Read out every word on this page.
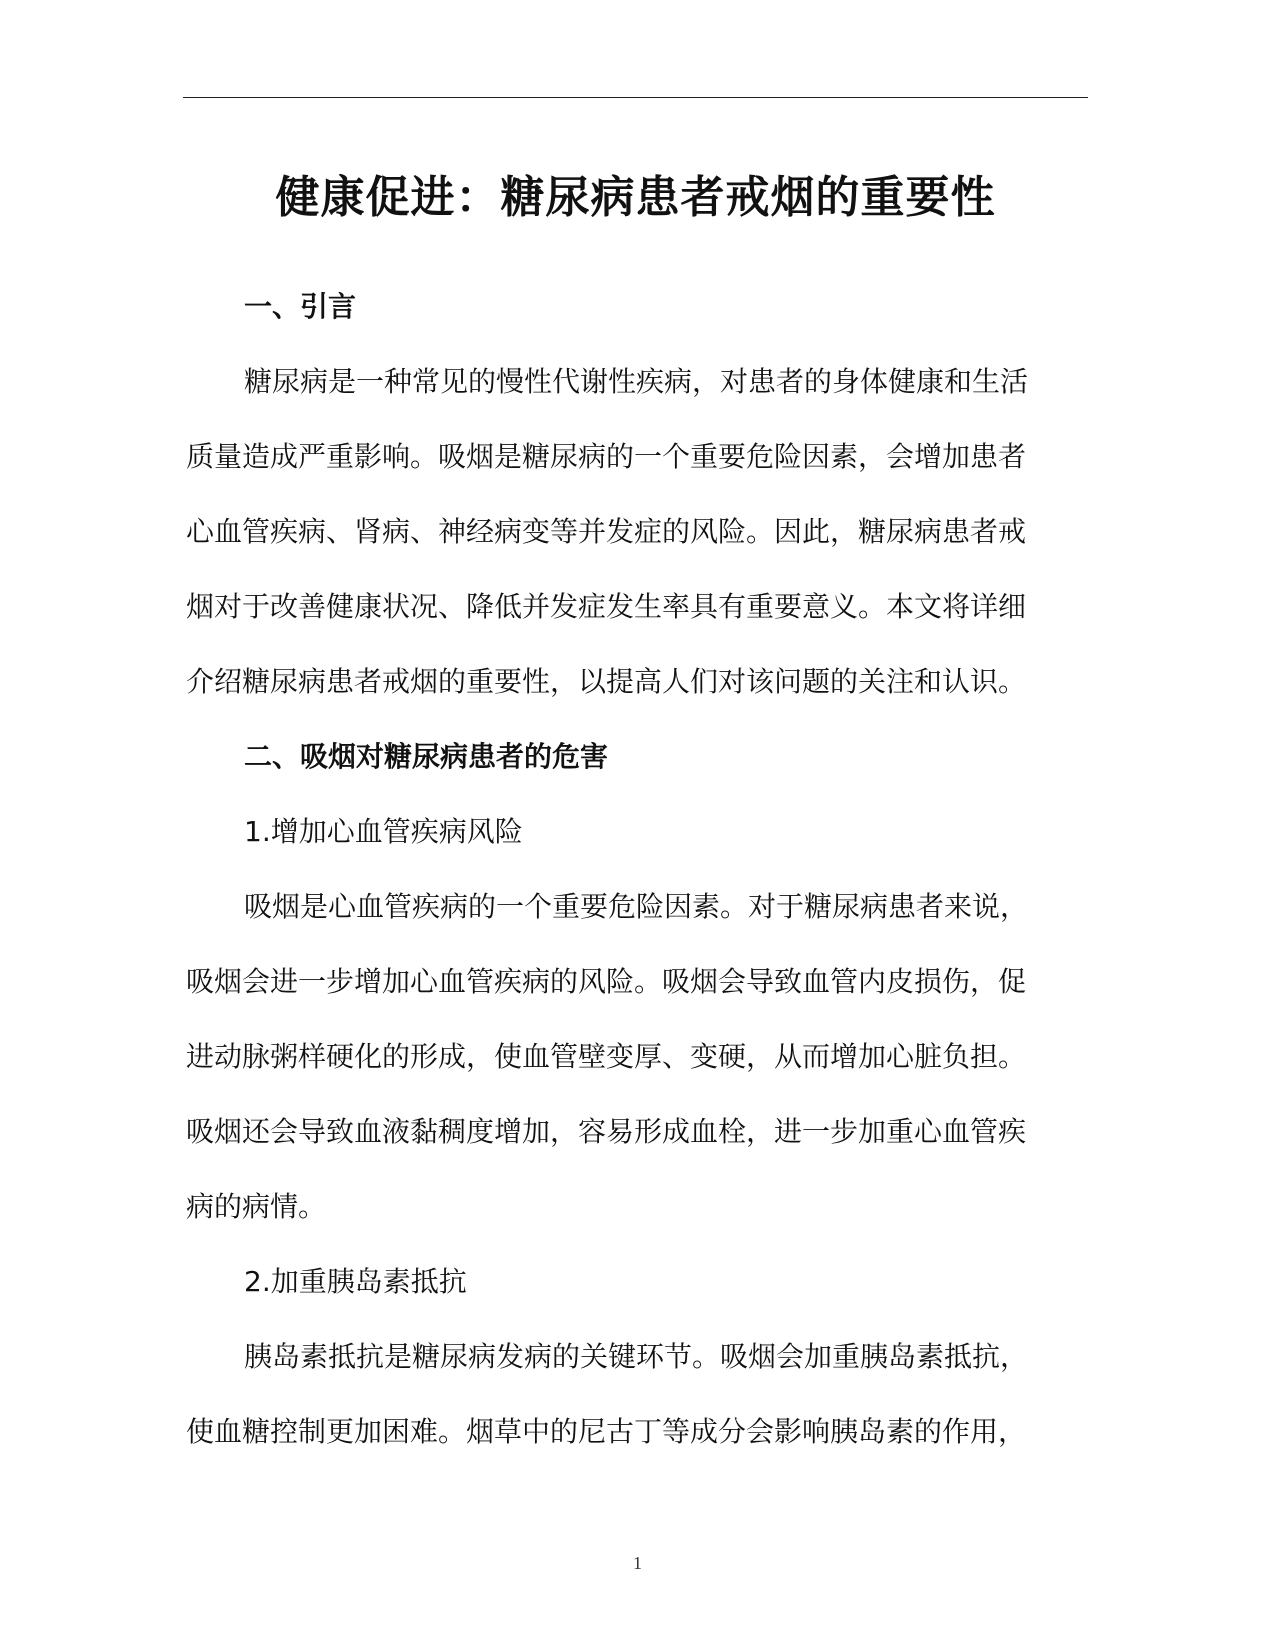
健康促进：糖尿病患者戒烟的重要性

一、引言

糖尿病是一种常见的慢性代谢性疾病，对患者的身体健康和生活

质量造成严重影响。吸烟是糖尿病的一个重要危险因素，会增加患者

心血管疾病、肾病、神经病变等并发症的风险。因此，糖尿病患者戒

烟对于改善健康状况、降低并发症发生率具有重要意义。本文将详细

介绍糖尿病患者戒烟的重要性，以提高人们对该问题的关注和认识。

二、吸烟对糖尿病患者的危害

1.增加心血管疾病风险

吸烟是心血管疾病的一个重要危险因素。对于糖尿病患者来说，

吸烟会进一步增加心血管疾病的风险。吸烟会导致血管内皮损伤，促

进动脉粥样硬化的形成，使血管壁变厚、变硬，从而增加心脏负担。

吸烟还会导致血液黏稠度增加，容易形成血栓，进一步加重心血管疾

病的病情。

2.加重胰岛素抵抗

胰岛素抵抗是糖尿病发病的关键环节。吸烟会加重胰岛素抵抗，

使血糖控制更加困难。烟草中的尼古丁等成分会影响胰岛素的作用，

1
